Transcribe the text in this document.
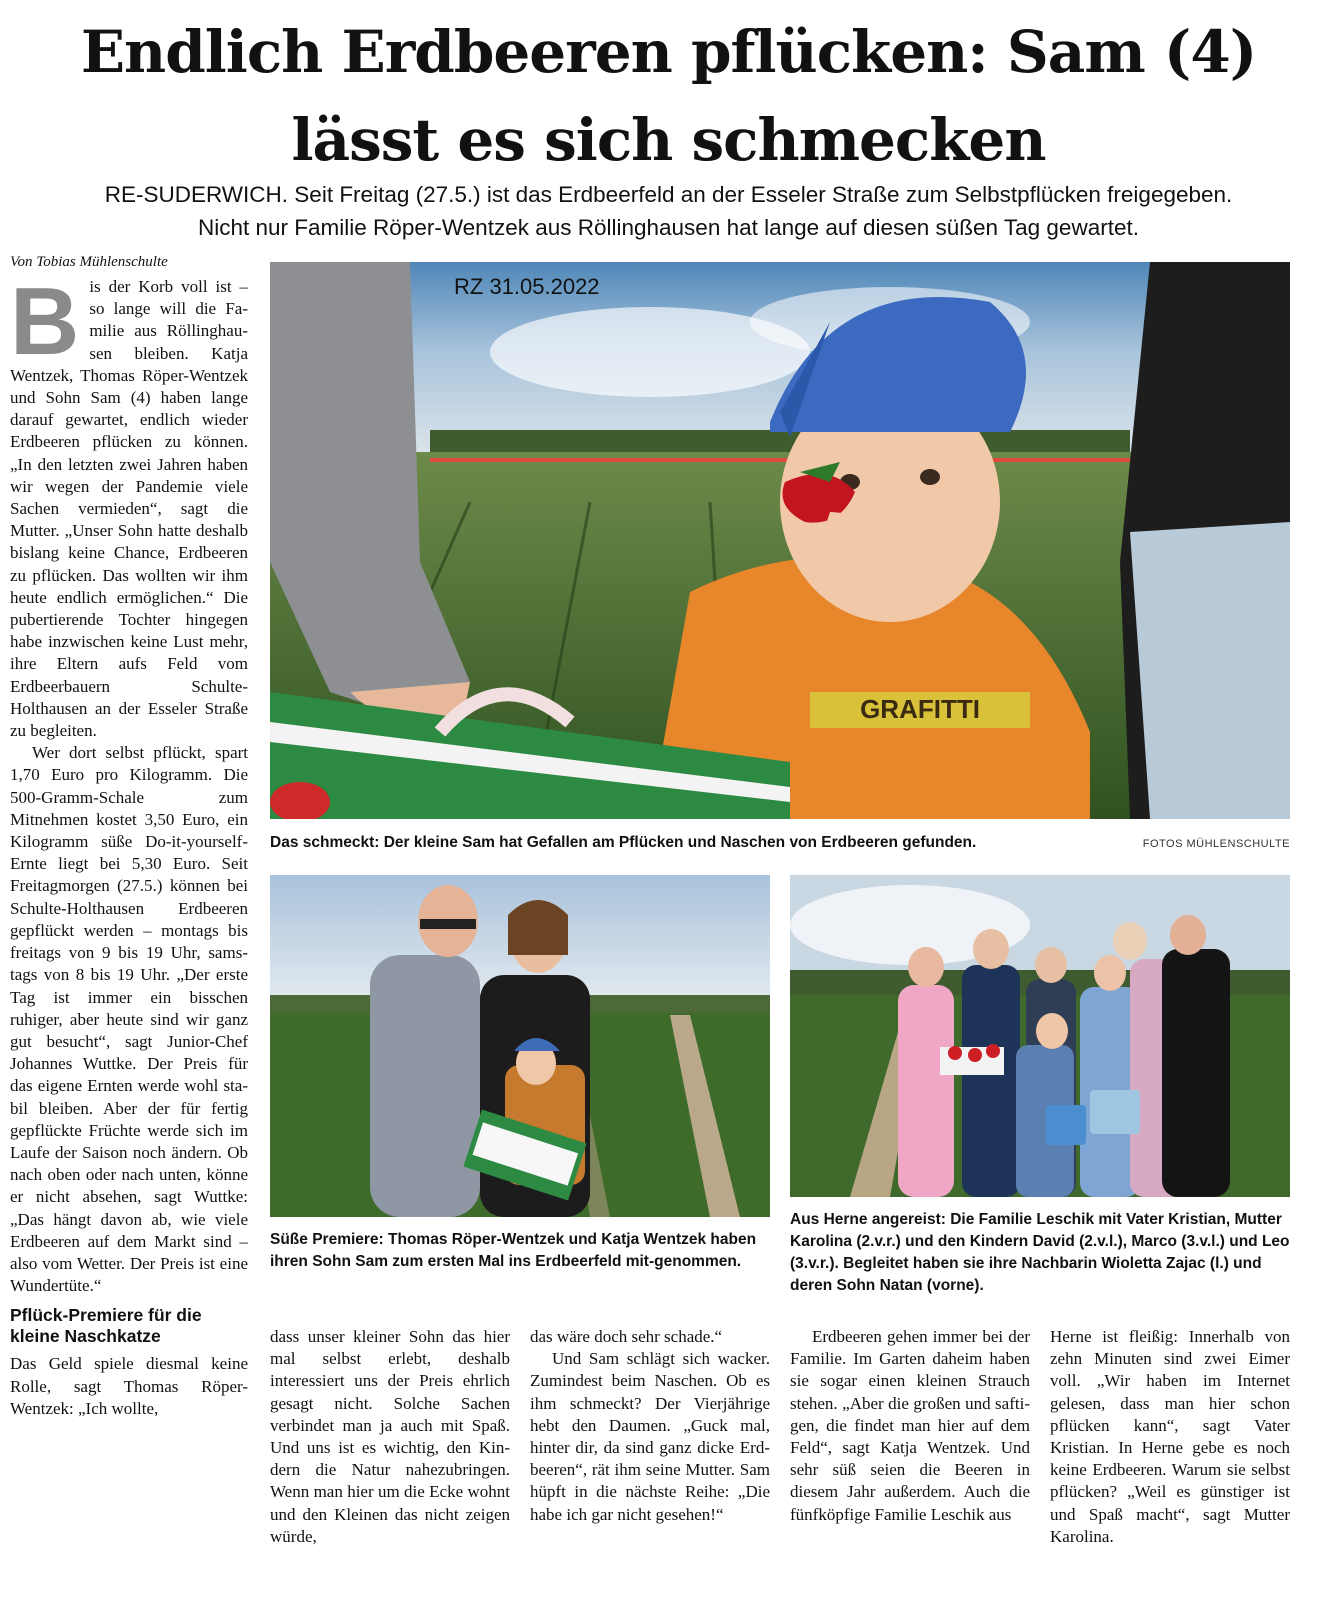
Endlich Erdbeeren pflücken: Sam (4)
lässt es sich schmecken
RE-SUDERWICH. Seit Freitag (27.5.) ist das Erdbeerfeld an der Esseler Straße zum Selbstpflücken freigegeben.
Nicht nur Familie Röper-Wentzek aus Röllinghausen hat lange auf diesen süßen Tag gewartet.
Von Tobias Mühlenschulte
B is der Korb voll ist – so lange will die Familie aus Röllinghausen bleiben. Katja Wentzek, Thomas Röper-Wentzek und Sohn Sam (4) haben lange darauf gewartet, endlich wieder Erdbeeren pflücken zu können. „In den letzten zwei Jahren haben wir wegen der Pandemie viele Sachen vermieden“, sagt die Mutter. „Unser Sohn hatte deshalb bislang keine Chance, Erdbeeren zu pflücken. Das wollten wir ihm heute endlich ermöglichen.“ Die pubertierende Tochter hingegen habe inzwischen keine Lust mehr, ihre Eltern aufs Feld vom Erdbeerbauern Schulte-Holthausen an der Esseler Straße zu begleiten.

Wer dort selbst pflückt, spart 1,70 Euro pro Kilogramm. Die 500-Gramm-Schale zum Mitnehmen kostet 3,50 Euro, ein Kilogramm süße Do-it-yourself-Ernte liegt bei 5,30 Euro. Seit Freitagmorgen (27.5.) können bei Schulte-Holthausen Erdbeeren gepflückt werden – montags bis freitags von 9 bis 19 Uhr, samstags von 8 bis 19 Uhr. „Der erste Tag ist immer ein bisschen ruhiger, aber heute sind wir ganz gut besucht“, sagt Junior-Chef Johannes Wuttke. Der Preis für das eigene Ernten werde wohl stabil bleiben. Aber der für fertig gepflückte Früchte werde sich im Laufe der Saison noch ändern. Ob nach oben oder nach unten, könne er nicht absehen, sagt Wuttke: „Das hängt davon ab, wie viele Erdbeeren auf dem Markt sind – also vom Wetter. Der Preis ist eine Wundertüte.“

Pflück-Premiere für die kleine Naschkatze

Das Geld spiele diesmal keine Rolle, sagt Thomas Röper-Wentzek: „Ich wollte,

GRAFITTI
RZ 31.05.2022
Das schmeckt: Der kleine Sam hat Gefallen am Pflücken und Naschen von Erdbeeren gefunden.	FOTOS MÜHLENSCHULTE
Süße Premiere: Thomas Röper-Wentzek und Katja Wentzek haben ihren Sohn Sam zum ersten Mal ins Erdbeerfeld mit-genommen.
Aus Herne angereist: Die Familie Leschik mit Vater Kristian, Mutter Karolina (2.v.r.) und den Kindern David (2.v.l.), Marco (3.v.l.) und Leo (3.v.r.). Begleitet haben sie ihre Nachbarin Wioletta Zajac (l.) und deren Sohn Natan (vorne).

dass unser kleiner Sohn das hier mal selbst erlebt, deshalb interessiert uns der Preis ehrlich gesagt nicht. Solche Sachen verbindet man ja auch mit Spaß. Und uns ist es wichtig, den Kindern die Natur nahezubringen. Wenn man hier um die Ecke wohnt und den Kleinen das nicht zeigen würde,

das wäre doch sehr schade.“

Und Sam schlägt sich wacker. Zumindest beim Naschen. Ob es ihm schmeckt? Der Vierjährige hebt den Daumen. „Guck mal, hinter dir, da sind ganz dicke Erdbeeren“, rät ihm seine Mutter. Sam hüpft in die nächste Reihe: „Die habe ich gar nicht gesehen!“

Erdbeeren gehen immer bei der Familie. Im Garten daheim haben sie sogar einen kleinen Strauch stehen. „Aber die großen und saftigen, die findet man hier auf dem Feld“, sagt Katja Wentzek. Und sehr süß seien die Beeren in diesem Jahr außerdem. Auch die fünfköpfige Familie Leschik aus

Herne ist fleißig: Innerhalb von zehn Minuten sind zwei Eimer voll. „Wir haben im Internet gelesen, dass man hier schon pflücken kann“, sagt Vater Kristian. In Herne gebe es noch keine Erdbeeren. Warum sie selbst pflücken? „Weil es günstiger ist und Spaß macht“, sagt Mutter Karolina.
